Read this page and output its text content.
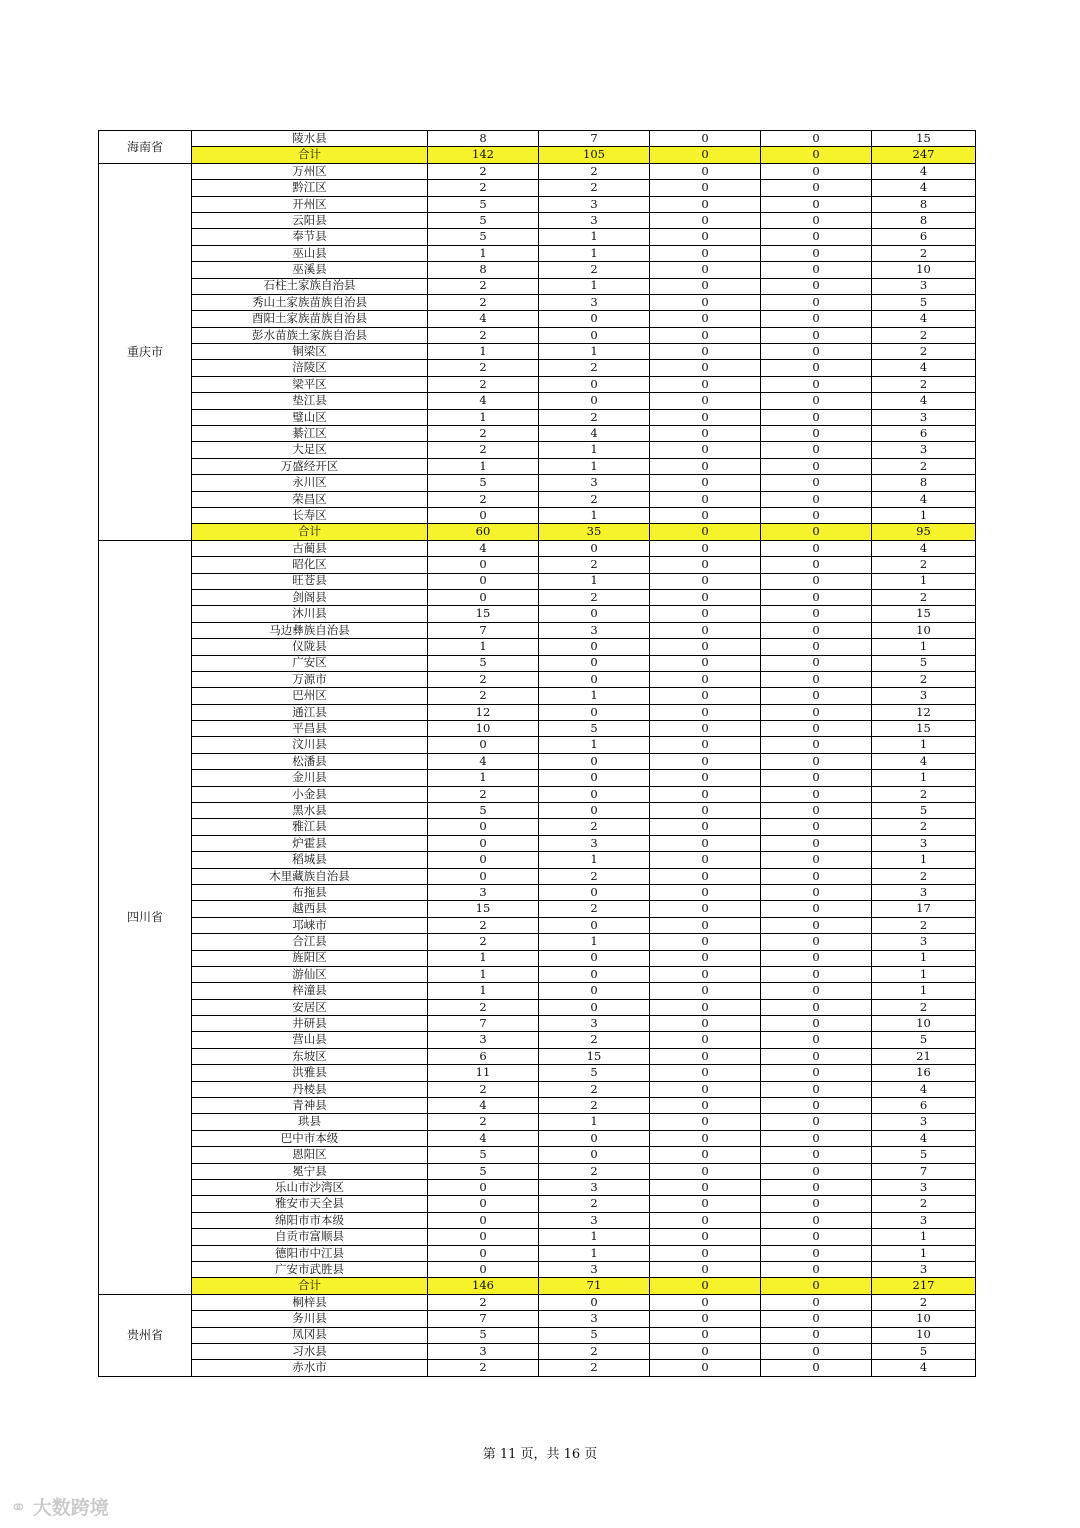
海南省	陵水县	8	7	0	0	15
	合计	142	105	0	0	247
重庆市	万州区	2	2	0	0	4
	黔江区	2	2	0	0	4
	开州区	5	3	0	0	8
	云阳县	5	3	0	0	8
	奉节县	5	1	0	0	6
	巫山县	1	1	0	0	2
	巫溪县	8	2	0	0	10
	石柱土家族自治县	2	1	0	0	3
	秀山土家族苗族自治县	2	3	0	0	5
	酉阳土家族苗族自治县	4	0	0	0	4
	彭水苗族土家族自治县	2	0	0	0	2
	铜梁区	1	1	0	0	2
	涪陵区	2	2	0	0	4
	梁平区	2	0	0	0	2
	垫江县	4	0	0	0	4
	璧山区	1	2	0	0	3
	綦江区	2	4	0	0	6
	大足区	2	1	0	0	3
	万盛经开区	1	1	0	0	2
	永川区	5	3	0	0	8
	荣昌区	2	2	0	0	4
	长寿区	0	1	0	0	1
	合计	60	35	0	0	95
四川省	古蔺县	4	0	0	0	4
	昭化区	0	2	0	0	2
	旺苍县	0	1	0	0	1
	剑阁县	0	2	0	0	2
	沐川县	15	0	0	0	15
	马边彝族自治县	7	3	0	0	10
	仪陇县	1	0	0	0	1
	广安区	5	0	0	0	5
	万源市	2	0	0	0	2
	巴州区	2	1	0	0	3
	通江县	12	0	0	0	12
	平昌县	10	5	0	0	15
	汶川县	0	1	0	0	1
	松潘县	4	0	0	0	4
	金川县	1	0	0	0	1
	小金县	2	0	0	0	2
	黑水县	5	0	0	0	5
	雅江县	0	2	0	0	2
	炉霍县	0	3	0	0	3
	稻城县	0	1	0	0	1
	木里藏族自治县	0	2	0	0	2
	布拖县	3	0	0	0	3
	越西县	15	2	0	0	17
	邛崃市	2	0	0	0	2
	合江县	2	1	0	0	3
	旌阳区	1	0	0	0	1
	游仙区	1	0	0	0	1
	梓潼县	1	0	0	0	1
	安居区	2	0	0	0	2
	井研县	7	3	0	0	10
	营山县	3	2	0	0	5
	东坡区	6	15	0	0	21
	洪雅县	11	5	0	0	16
	丹棱县	2	2	0	0	4
	青神县	4	2	0	0	6
	珙县	2	1	0	0	3
	巴中市本级	4	0	0	0	4
	恩阳区	5	0	0	0	5
	冕宁县	5	2	0	0	7
	乐山市沙湾区	0	3	0	0	3
	雅安市天全县	0	2	0	0	2
	绵阳市市本级	0	3	0	0	3
	自贡市富顺县	0	1	0	0	1
	德阳市中江县	0	1	0	0	1
	广安市武胜县	0	3	0	0	3
	合计	146	71	0	0	217
贵州省	桐梓县	2	0	0	0	2
	务川县	7	3	0	0	10
	凤冈县	5	5	0	0	10
	习水县	3	2	0	0	5
	赤水市	2	2	0	0	4
第 11 页，共 16 页
⚭ 大数跨境
